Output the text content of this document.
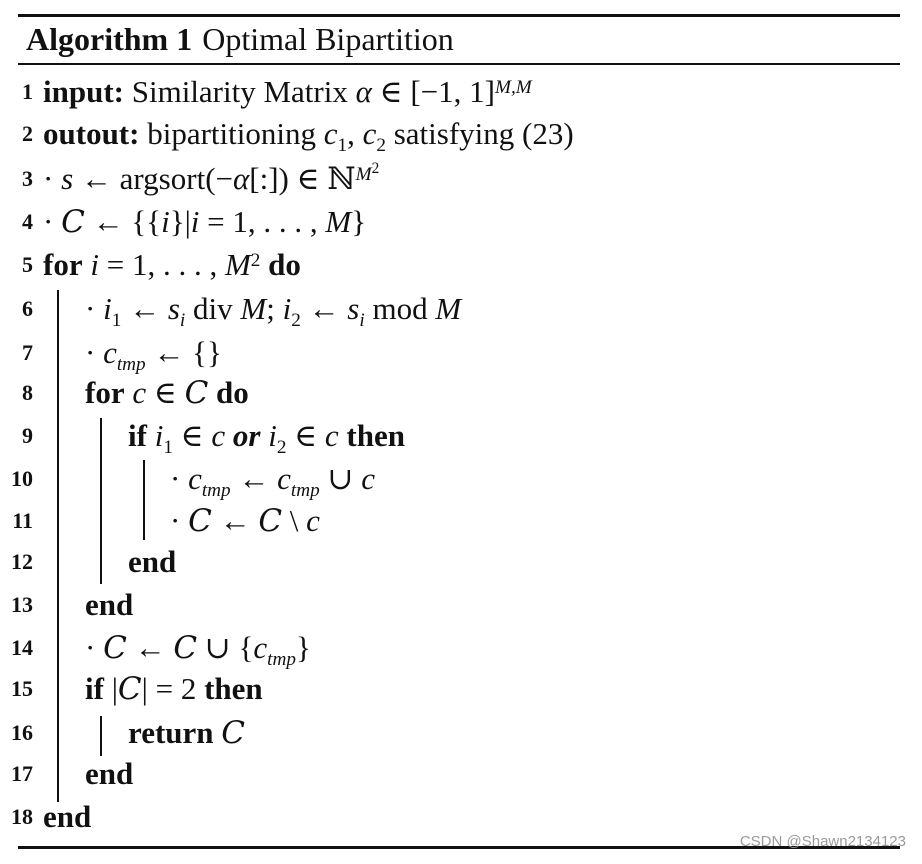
Algorithm 1 Optimal Bipartition
1 input: Similarity Matrix α ∈ [−1, 1]$^{M,M}$
2 outout: bipartitioning $c_1$, $c_2$ satisfying (23)
3 · s ← argsort(−α[:]) ∈ ℕ$^{M^2}$
4 · C ← {{i}|i = 1, . . . , M}
5 for i = 1, . . . , $M^2$ do
$6 \cdot i_1$ ← $s_i$ div M; $i_2$ ← $s_i$ mod M
$7 \cdot c_{tmp}$ ← {}
8 for c ∈ C do
9	if $i_1$ ∈ c or $i_2$ ∈ c then
10	· $c_{tmp}$ ← $c_{tmp}$ ∪ c
11	· C ← C \ c
12	end
13 end
14 · C ← C ∪ $\{c_{tmp}\}$
15 if |C| = 2 then
16	return C
17 end
18 end
CSDN @Shawn2134123
